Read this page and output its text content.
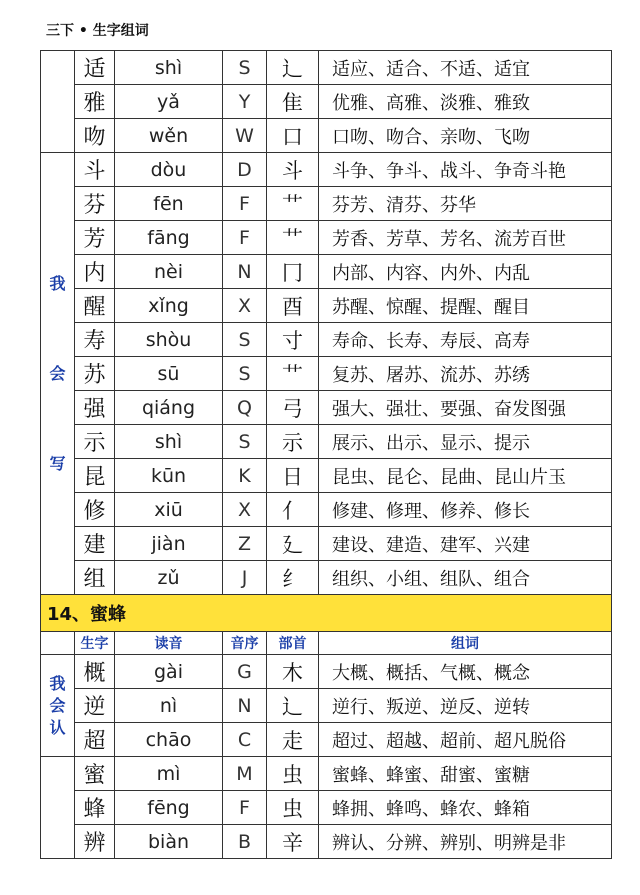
三下 • 生字组词
	适	shì	S	辶	适应、适合、不适、适宜
	雅	yǎ	Y	隹	优雅、高雅、淡雅、雅致
	吻	wěn	W	口	口吻、吻合、亲吻、飞吻

我
会
写	斗	dòu	D	斗	斗争、争斗、战斗、争奇斗艳
	芬	fēn	F	艹	芬芳、清芬、芬华
	芳	fāng	F	艹	芳香、芳草、芳名、流芳百世
	内	nèi	N	冂	内部、内容、内外、内乱
	醒	xǐng	X	酉	苏醒、惊醒、提醒、醒目
	寿	shòu	S	寸	寿命、长寿、寿辰、高寿
	苏	sū	S	艹	复苏、屠苏、流苏、苏绣
	强	qiáng	Q	弓	强大、强壮、要强、奋发图强
	示	shì	S	示	展示、出示、显示、提示
	昆	kūn	K	日	昆虫、昆仑、昆曲、昆山片玉
	修	xiū	X	亻	修建、修理、修养、修长
	建	jiàn	Z	廴	建设、建造、建军、兴建
	组	zǔ	J	纟	组织、小组、组队、组合
14、蜜蜂					
	生字	读音	音序	部首	组词

我
会
认	概	gài	G	木	大概、概括、气概、概念
	逆	nì	N	辶	逆行、叛逆、逆反、逆转
	超	chāo	C	走	超过、超越、超前、超凡脱俗
	蜜	mì	M	虫	蜜蜂、蜂蜜、甜蜜、蜜糖
	蜂	fēng	F	虫	蜂拥、蜂鸣、蜂农、蜂箱
	辨	biàn	B	辛	辨认、分辨、辨别、明辨是非
